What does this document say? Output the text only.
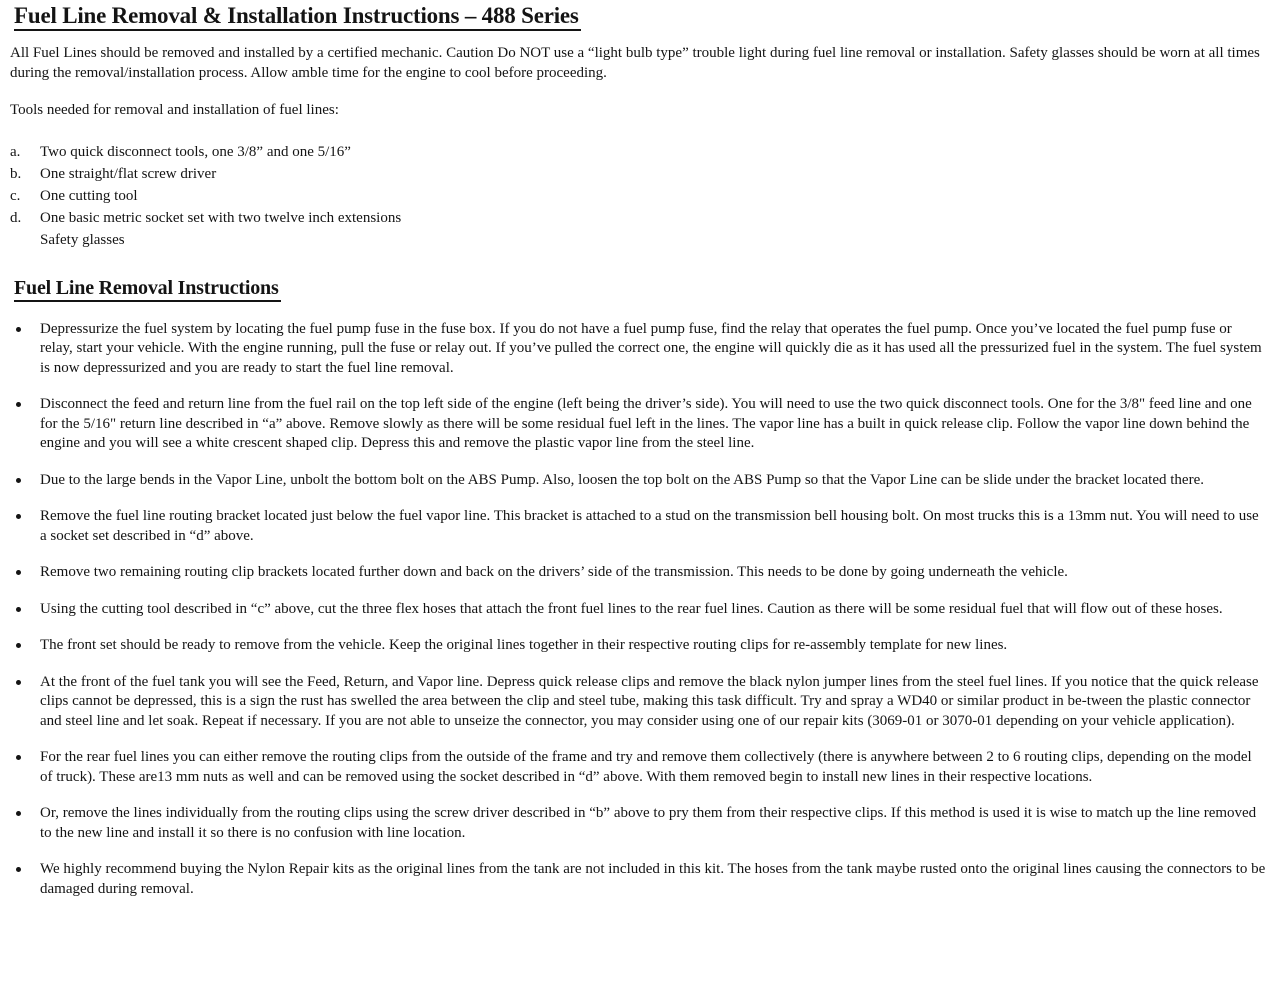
Fuel Line Removal & Installation Instructions – 488 Series

All Fuel Lines should be removed and installed by a certified mechanic. Caution Do NOT use a “light bulb type” trouble light during fuel line removal or installation. Safety glasses should be worn at all times during the removal/installation process. Allow amble time for the engine to cool before proceeding.

Tools needed for removal and installation of fuel lines:

a.	Two quick disconnect tools, one 3/8” and one 5/16”
b.	One straight/flat screw driver
c.	One cutting tool
d.	One basic metric socket set with two twelve inch extensions
Safety glasses
Fuel Line Removal Instructions
Depressurize the fuel system by locating the fuel pump fuse in the fuse box. If you do not have a fuel pump fuse, find the relay that operates the fuel pump. Once you’ve located the fuel pump fuse or relay, start your vehicle. With the engine running, pull the fuse or relay out. If you’ve pulled the correct one, the engine will quickly die as it has used all the pressurized fuel in the system. The fuel system is now depressurized and you are ready to start the fuel line removal.
Disconnect the feed and return line from the fuel rail on the top left side of the engine (left being the driver’s side). You will need to use the two quick disconnect tools. One for the 3/8" feed line and one for the 5/16" return line described in “a” above. Remove slowly as there will be some residual fuel left in the lines. The vapor line has a built in quick release clip. Follow the vapor line down behind the engine and you will see a white crescent shaped clip. Depress this and remove the plastic vapor line from the steel line.
Due to the large bends in the Vapor Line, unbolt the bottom bolt on the ABS Pump. Also, loosen the top bolt on the ABS Pump so that the Vapor Line can be slide under the bracket located there.
Remove the fuel line routing bracket located just below the fuel vapor line. This bracket is attached to a stud on the transmission bell housing bolt. On most trucks this is a 13mm nut. You will need to use a socket set described in “d” above.
Remove two remaining routing clip brackets located further down and back on the drivers’ side of the transmission. This needs to be done by going underneath the vehicle.
Using the cutting tool described in “c” above, cut the three flex hoses that attach the front fuel lines to the rear fuel lines. Caution as there will be some residual fuel that will flow out of these hoses.
The front set should be ready to remove from the vehicle. Keep the original lines together in their respective routing clips for re-assembly template for new lines.
At the front of the fuel tank you will see the Feed, Return, and Vapor line. Depress quick release clips and remove the black nylon jumper lines from the steel fuel lines. If you notice that the quick release clips cannot be depressed, this is a sign the rust has swelled the area between the clip and steel tube, making this task difficult. Try and spray a WD40 or similar product in be-tween the plastic connector and steel line and let soak. Repeat if necessary. If you are not able to unseize the connector, you may consider using one of our repair kits (3069-01 or 3070-01 depending on your vehicle application).
For the rear fuel lines you can either remove the routing clips from the outside of the frame and try and remove them collectively (there is anywhere between 2 to 6 routing clips, depending on the model of truck). These are13 mm nuts as well and can be removed using the socket described in “d” above. With them removed begin to install new lines in their respective locations.
Or, remove the lines individually from the routing clips using the screw driver described in “b” above to pry them from their respective clips. If this method is used it is wise to match up the line removed to the new line and install it so there is no confusion with line location.
We highly recommend buying the Nylon Repair kits as the original lines from the tank are not included in this kit. The hoses from the tank maybe rusted onto the original lines causing the connectors to be damaged during removal.
